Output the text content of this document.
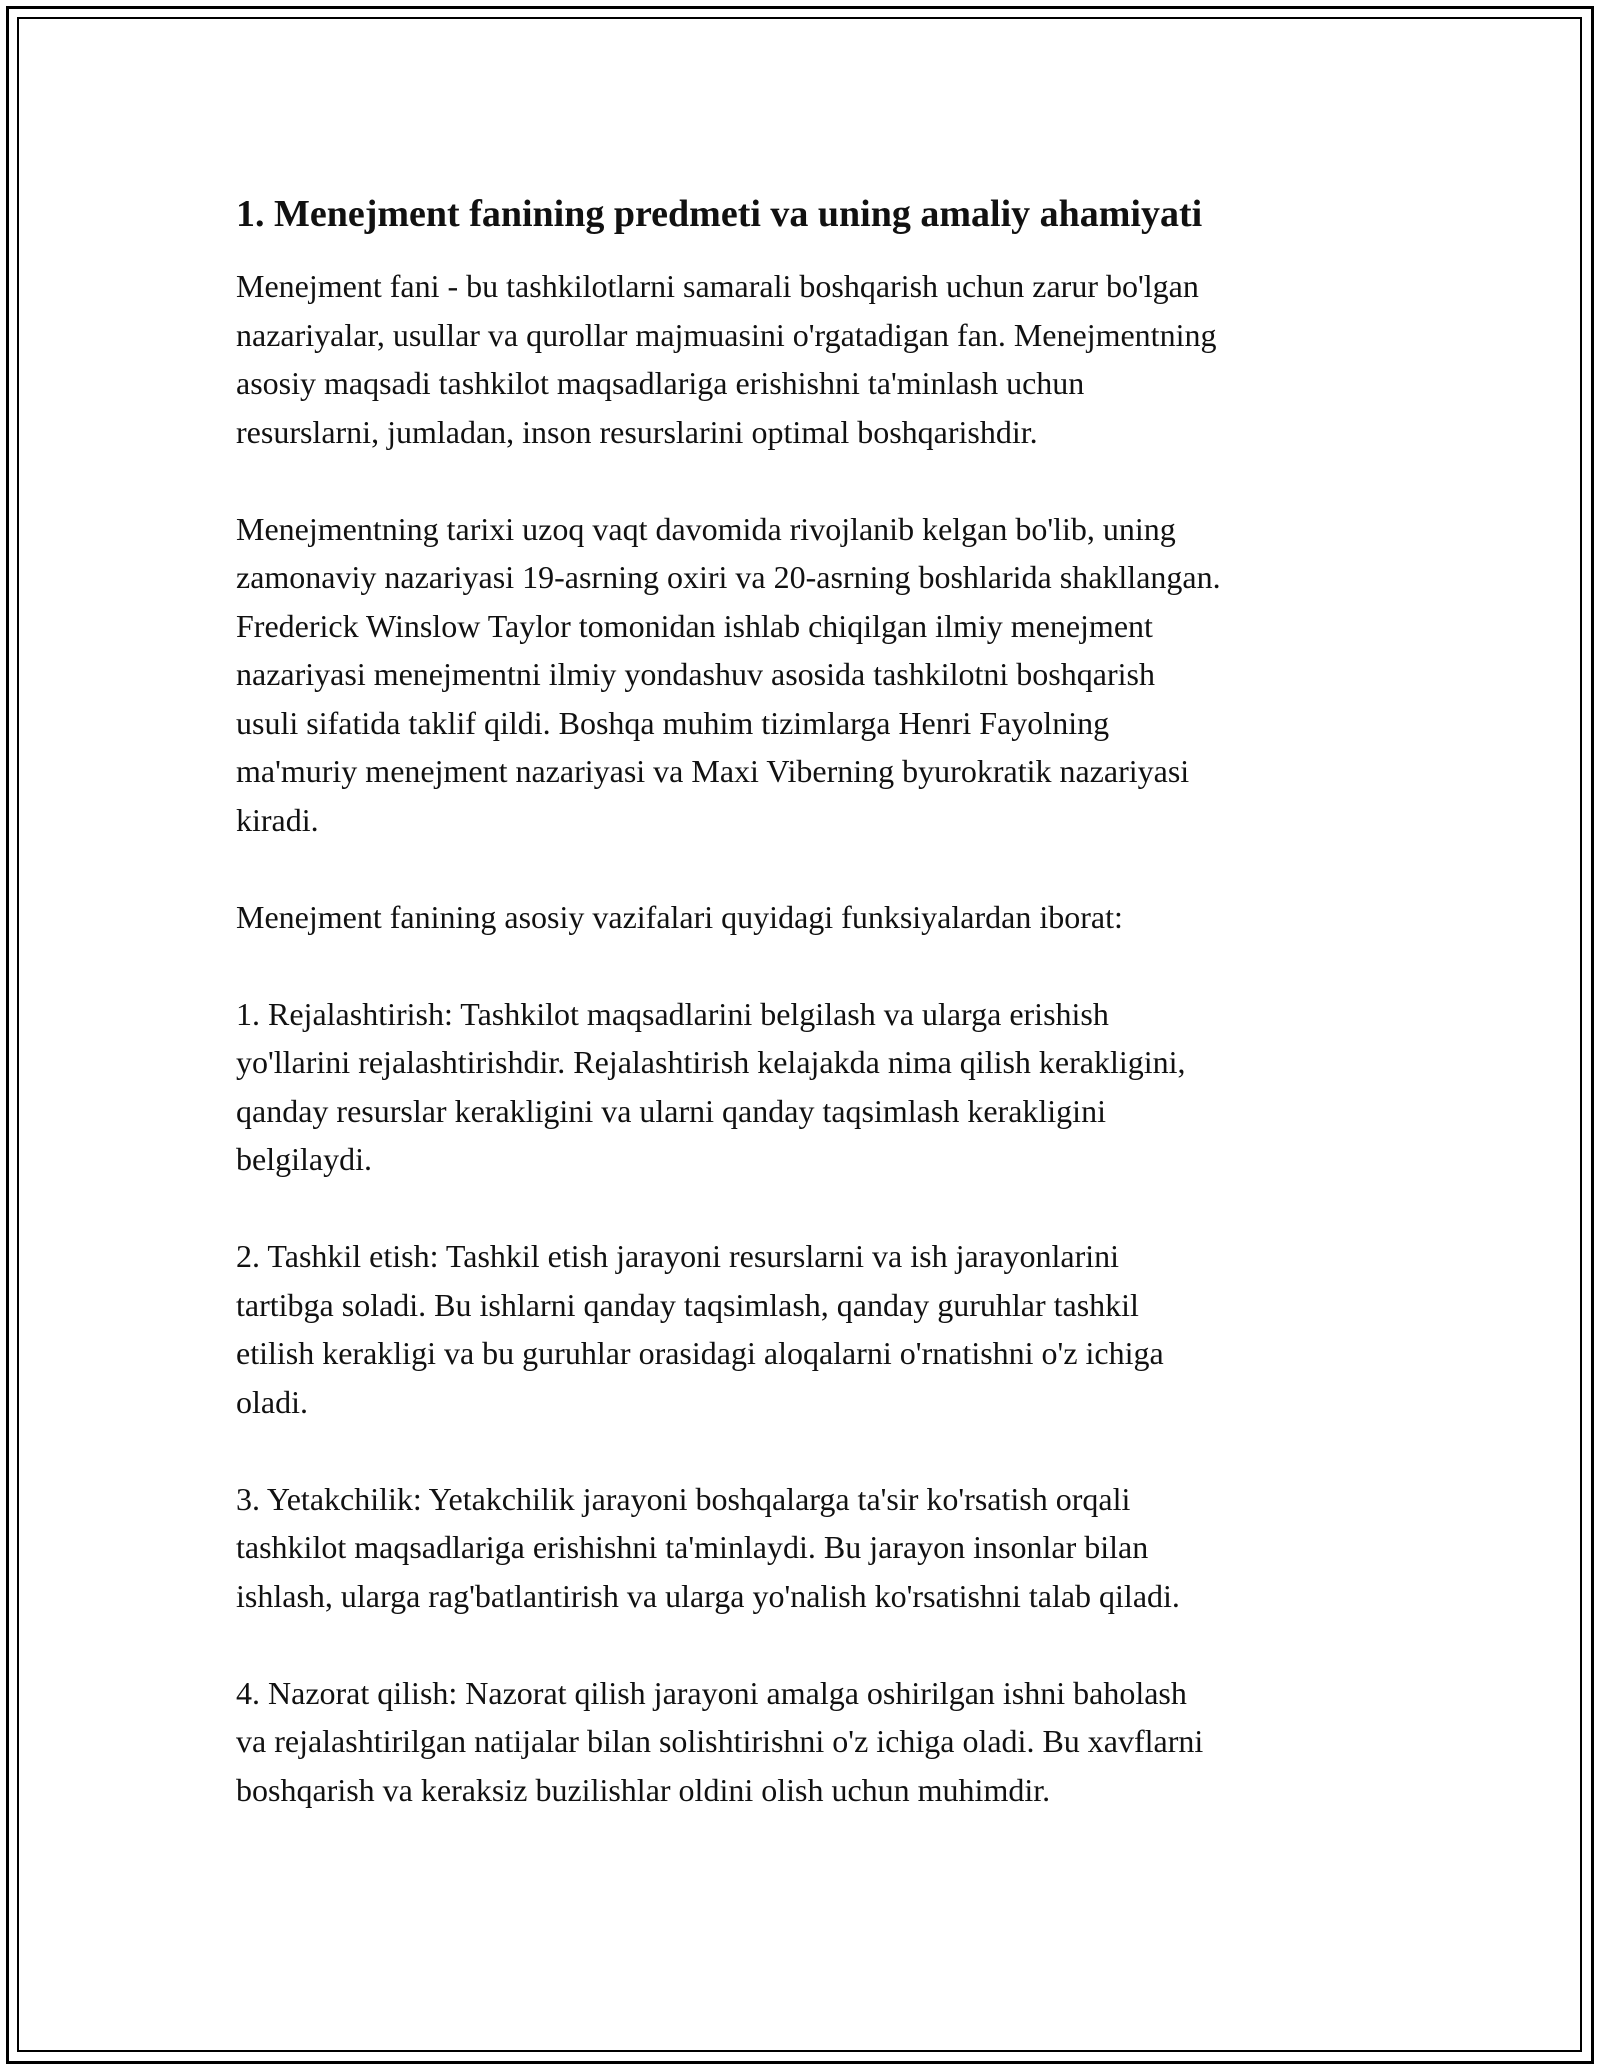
1. Menejment fanining predmeti va uning amaliy ahamiyati
Menejment fani - bu tashkilotlarni samarali boshqarish uchun zarur bo'lgan
nazariyalar, usullar va qurollar majmuasini o'rgatadigan fan. Menejmentning
asosiy maqsadi tashkilot maqsadlariga erishishni ta'minlash uchun
resurslarni, jumladan, inson resurslarini optimal boshqarishdir.
Menejmentning tarixi uzoq vaqt davomida rivojlanib kelgan bo'lib, uning
zamonaviy nazariyasi 19-asrning oxiri va 20-asrning boshlarida shakllangan.
Frederick Winslow Taylor tomonidan ishlab chiqilgan ilmiy menejment
nazariyasi menejmentni ilmiy yondashuv asosida tashkilotni boshqarish
usuli sifatida taklif qildi. Boshqa muhim tizimlarga Henri Fayolning
ma'muriy menejment nazariyasi va Maxi Viberning byurokratik nazariyasi
kiradi.
Menejment fanining asosiy vazifalari quyidagi funksiyalardan iborat:
1. Rejalashtirish: Tashkilot maqsadlarini belgilash va ularga erishish
yo'llarini rejalashtirishdir. Rejalashtirish kelajakda nima qilish kerakligini,
qanday resurslar kerakligini va ularni qanday taqsimlash kerakligini
belgilaydi.
2. Tashkil etish: Tashkil etish jarayoni resurslarni va ish jarayonlarini
tartibga soladi. Bu ishlarni qanday taqsimlash, qanday guruhlar tashkil
etilish kerakligi va bu guruhlar orasidagi aloqalarni o'rnatishni o'z ichiga
oladi.
3. Yetakchilik: Yetakchilik jarayoni boshqalarga ta'sir ko'rsatish orqali
tashkilot maqsadlariga erishishni ta'minlaydi. Bu jarayon insonlar bilan
ishlash, ularga rag'batlantirish va ularga yo'nalish ko'rsatishni talab qiladi.
4. Nazorat qilish: Nazorat qilish jarayoni amalga oshirilgan ishni baholash
va rejalashtirilgan natijalar bilan solishtirishni o'z ichiga oladi. Bu xavflarni
boshqarish va keraksiz buzilishlar oldini olish uchun muhimdir.
